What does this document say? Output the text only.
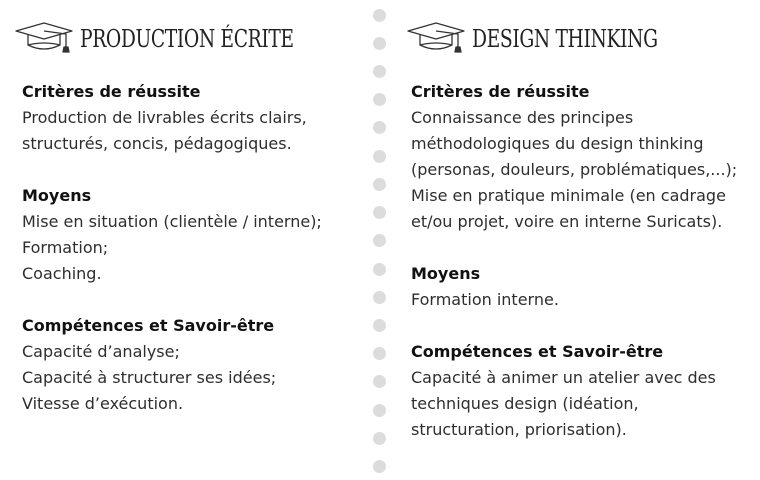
PRODUCTION ÉCRITE
Critères de réussite
Production de livrables écrits clairs,
structurés, concis, pédagogiques.
Moyens
Mise en situation (clientèle / interne);
Formation;
Coaching.
Compétences et Savoir-être
Capacité d’analyse;
Capacité à structurer ses idées;
Vitesse d’exécution.
DESIGN THINKING
Critères de réussite
Connaissance des principes
méthodologiques du design thinking
(personas, douleurs, problématiques,...);
Mise en pratique minimale (en cadrage
et/ou projet, voire en interne Suricats).
Moyens
Formation interne.
Compétences et Savoir-être
Capacité à animer un atelier avec des
techniques design (idéation,
structuration, priorisation).
